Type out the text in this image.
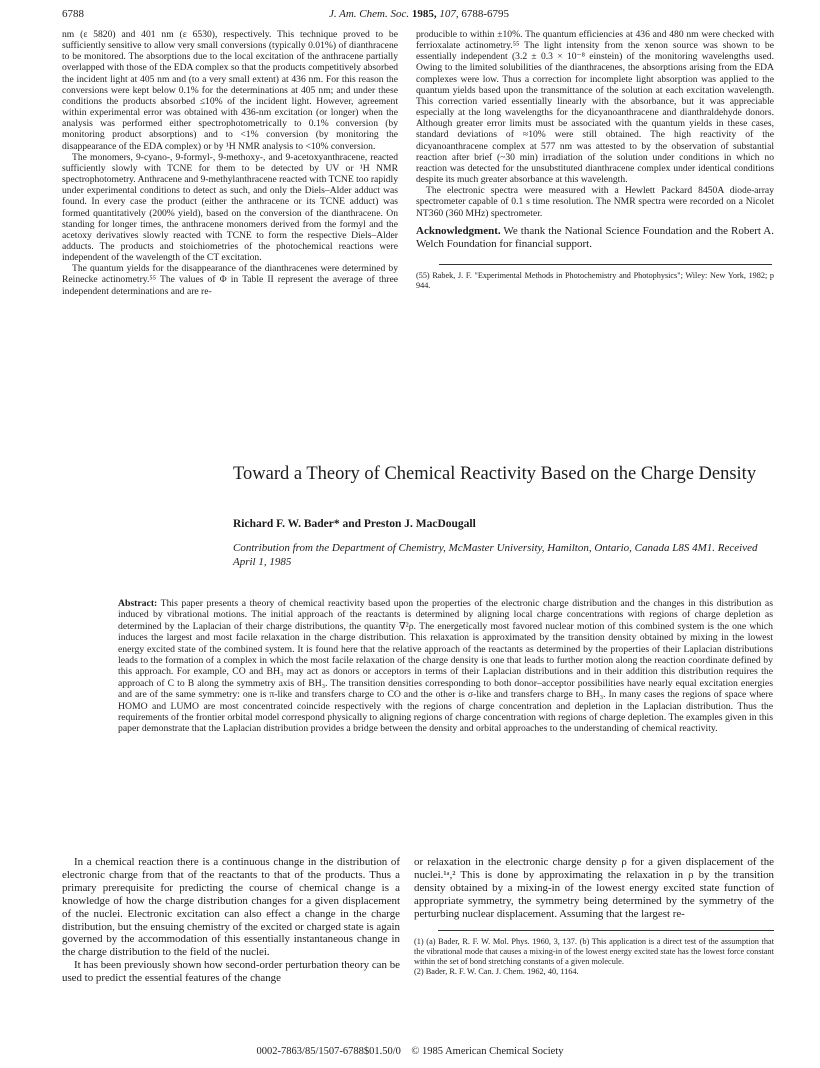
6788	J. Am. Chem. Soc. 1985, 107, 6788-6795

nm (ε 5820) and 401 nm (ε 6530), respectively. This technique proved to be sufficiently sensitive to allow very small conversions (typically 0.01%) of dianthracene to be monitored. The absorptions due to the local excitation of the anthracene partially overlapped with those of the EDA complex so that the products competitively absorbed the incident light at 405 nm and (to a very small extent) at 436 nm. For this reason the conversions were kept below 0.1% for the determinations at 405 nm; and under these conditions the products absorbed ≤10% of the incident light. However, agreement within experimental error was obtained with 436-nm excitation (or longer) when the analysis was performed either spectrophotometrically to 0.1% conversion (by monitoring product absorptions) and to <1% conversion (by monitoring the disappearance of the EDA complex) or by ¹H NMR analysis to <10% conversion.

The monomers, 9-cyano-, 9-formyl-, 9-methoxy-, and 9-acetoxyanthracene, reacted sufficiently slowly with TCNE for them to be detected by UV or ¹H NMR spectrophotometry. Anthracene and 9-methylanthracene reacted with TCNE too rapidly under experimental conditions to detect as such, and only the Diels–Alder adduct was found. In every case the product (either the anthracene or its TCNE adduct) was formed quantitatively (200% yield), based on the conversion of the dianthracene. On standing for longer times, the anthracene monomers derived from the formyl and the acetoxy derivatives slowly reacted with TCNE to form the respective Diels–Alder adducts. The products and stoichiometries of the photochemical reactions were independent of the wavelength of the CT excitation.

The quantum yields for the disappearance of the dianthracenes were determined by Reinecke actinometry.⁵⁵ The values of Φ in Table II represent the average of three independent determinations and are re-

producible to within ±10%. The quantum efficiencies at 436 and 480 nm were checked with ferrioxalate actinometry.⁵⁵ The light intensity from the xenon source was shown to be essentially independent (3.2 ± 0.3 × 10⁻⁸ einstein) of the monitoring wavelengths used. Owing to the limited solubilities of the dianthracenes, the absorptions arising from the EDA complexes were low. Thus a correction for incomplete light absorption was applied to the quantum yields based upon the transmittance of the solution at each excitation wavelength. This correction varied essentially linearly with the absorbance, but it was appreciable especially at the long wavelengths for the dicyanoanthracene and dianthraldehyde donors. Although greater error limits must be associated with the quantum yields in these cases, standard deviations of ≈10% were still obtained. The high reactivity of the dicyanoanthracene complex at 577 nm was attested to by the observation of substantial reaction after brief (~30 min) irradiation of the solution under conditions in which no reaction was detected for the unsubstituted dianthracene complex under identical conditions despite its much greater absorbance at this wavelength.

The electronic spectra were measured with a Hewlett Packard 8450A diode-array spectrometer capable of 0.1 s time resolution. The NMR spectra were recorded on a Nicolet NT360 (360 MHz) spectrometer.

Acknowledgment. We thank the National Science Foundation and the Robert A. Welch Foundation for financial support.
(55) Rabek, J. F. "Experimental Methods in Photochemistry and Photophysics"; Wiley: New York, 1982; p 944.
Toward a Theory of Chemical Reactivity Based on the Charge Density
Richard F. W. Bader* and Preston J. MacDougall
Contribution from the Department of Chemistry, McMaster University, Hamilton, Ontario, Canada L8S 4M1. Received April 1, 1985
Abstract: This paper presents a theory of chemical reactivity based upon the properties of the electronic charge distribution and the changes in this distribution as induced by vibrational motions. The initial approach of the reactants is determined by aligning local charge concentrations with regions of charge depletion as determined by the Laplacian of their charge distributions, the quantity ∇²ρ. The energetically most favored nuclear motion of this combined system is the one which induces the largest and most facile relaxation in the charge distribution. This relaxation is approximated by the transition density obtained by mixing in the lowest energy excited state of the combined system. It is found here that the relative approach of the reactants as determined by the properties of their Laplacian distributions leads to the formation of a complex in which the most facile relaxation of the charge density is one that leads to further motion along the reaction coordinate defined by this approach. For example, CO and BH₃ may act as donors or acceptors in terms of their Laplacian distributions and in their addition this distribution requires the approach of C to B along the symmetry axis of BH₃. The transition densities corresponding to both donor–acceptor possibilities have nearly equal excitation energies and are of the same symmetry: one is π-like and transfers charge to CO and the other is σ-like and transfers charge to BH₃. In many cases the regions of space where HOMO and LUMO are most concentrated coincide respectively with the regions of charge concentration and depletion in the Laplacian distribution. Thus the requirements of the frontier orbital model correspond physically to aligning regions of charge concentration with regions of charge depletion. The examples given in this paper demonstrate that the Laplacian distribution provides a bridge between the density and orbital approaches to the understanding of chemical reactivity.

In a chemical reaction there is a continuous change in the distribution of electronic charge from that of the reactants to that of the products. Thus a primary prerequisite for predicting the course of chemical change is a knowledge of how the charge distribution changes for a given displacement of the nuclei. Electronic excitation can also effect a change in the charge distribution, but the ensuing chemistry of the excited or charged state is again governed by the accommodation of this essentially instantaneous change in the charge distribution to the field of the nuclei.

It has been previously shown how second-order perturbation theory can be used to predict the essential features of the change

or relaxation in the electronic charge density ρ for a given displacement of the nuclei.¹ᵃ,² This is done by approximating the relaxation in ρ by the transition density obtained by a mixing-in of the lowest energy excited state function of appropriate symmetry, the symmetry being determined by the symmetry of the perturbing nuclear displacement. Assuming that the largest re-

(1) (a) Bader, R. F. W. Mol. Phys. 1960, 3, 137. (b) This application is a direct test of the assumption that the vibrational mode that causes a mixing-in of the lowest energy excited state has the lowest force constant within the set of bond stretching constants of a given molecule.
(2) Bader, R. F. W. Can. J. Chem. 1962, 40, 1164.
0002-7863/85/1507-6788$01.50/0 © 1985 American Chemical Society
